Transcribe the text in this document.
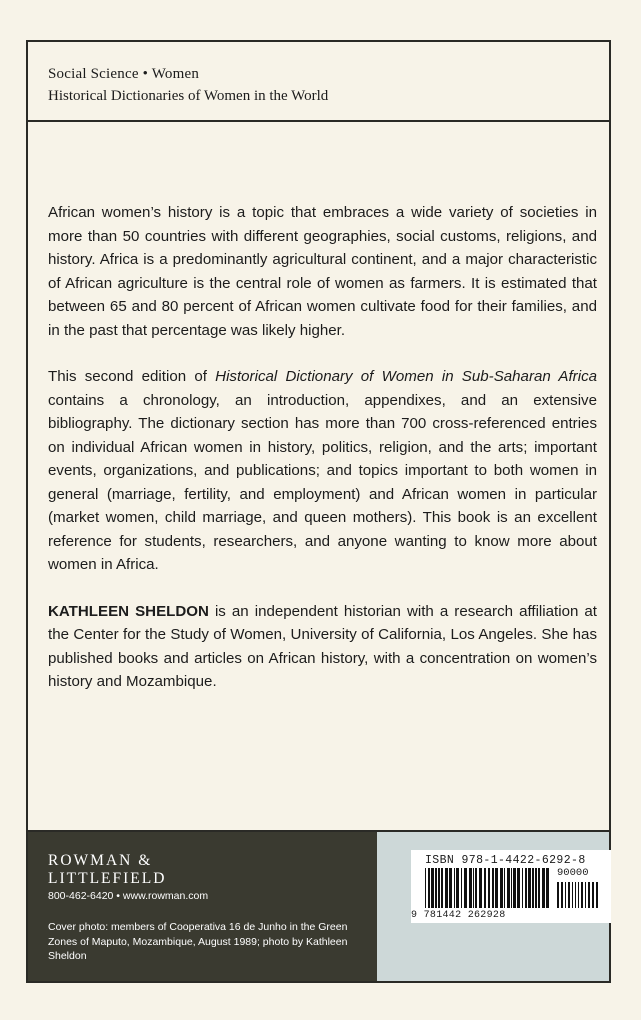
Social Science • Women
Historical Dictionaries of Women in the World

African women’s history is a topic that embraces a wide variety of societies in more than 50 countries with different geographies, social customs, religions, and history. Africa is a predominantly agricultural continent, and a major characteristic of African agriculture is the central role of women as farmers. It is estimated that between 65 and 80 percent of African women cultivate food for their families, and in the past that percentage was likely higher.

This second edition of Historical Dictionary of Women in Sub-Saharan Africa contains a chronology, an introduction, appendixes, and an extensive bibliography. The dictionary section has more than 700 cross-referenced entries on individual African women in history, politics, religion, and the arts; important events, organizations, and publications; and topics important to both women in general (marriage, fertility, and employment) and African women in particular (market women, child marriage, and queen mothers). This book is an excellent reference for students, researchers, and anyone wanting to know more about women in Africa.

KATHLEEN SHELDON is an independent historian with a research affiliation at the Center for the Study of Women, University of California, Los Angeles. She has published books and articles on African history, with a concentration on women’s history and Mozambique.

ROWMAN &
LITTLEFIELD
800-462-6420 • www.rowman.com
Cover photo: members of Cooperativa 16 de Junho in the Green Zones of Maputo, Mozambique, August 1989; photo by Kathleen Sheldon
ISBN 978-1-4422-6292-8
90000
9 781442 262928
